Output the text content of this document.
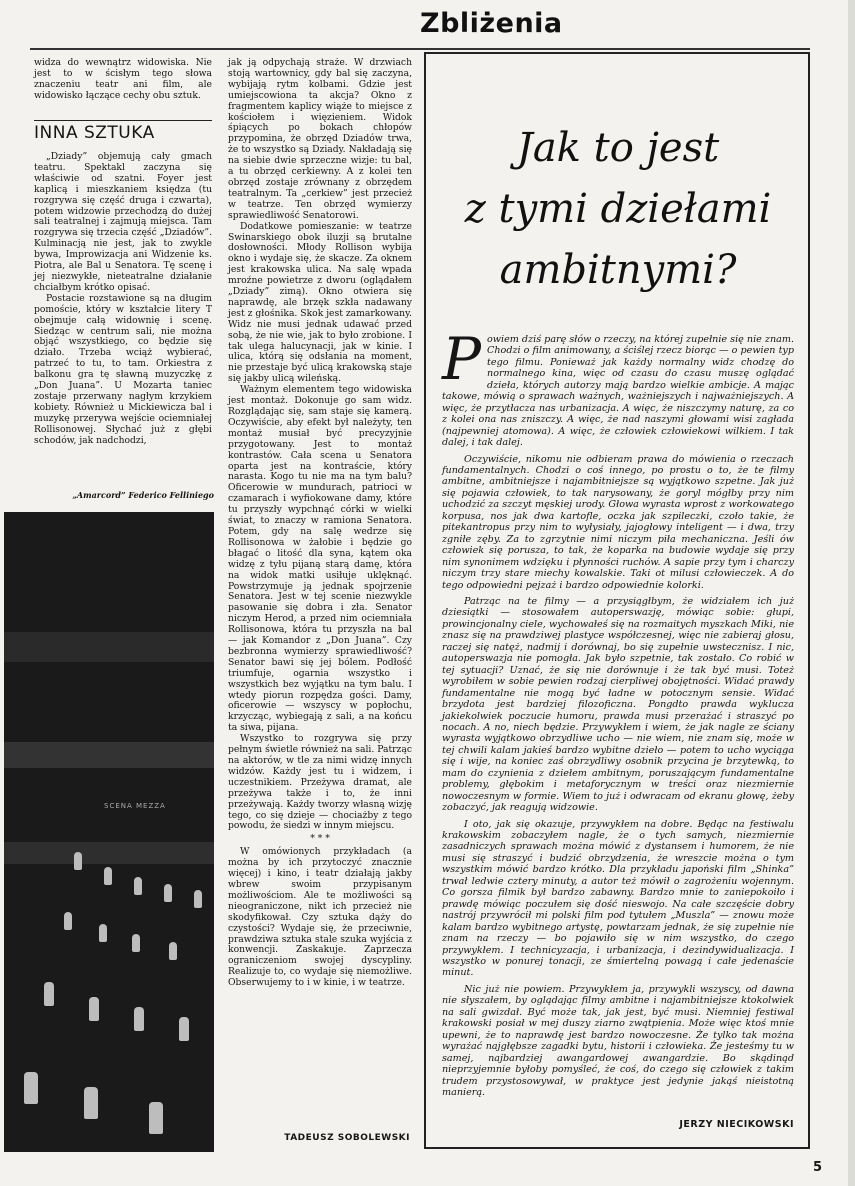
Zbliżenia

widza do wewnątrz widowiska. Nie jest to w ścisłym tego słowa znaczeniu teatr ani film, ale widowisko łączące cechy obu sztuk.

INNA SZTUKA

„Dziady” objemują cały gmach teatru. Spektakl zaczyna się właściwie od szatni. Foyer jest kaplicą i mieszkaniem księdza (tu rozgrywa się część druga i czwarta), potem widzowie przechodzą do dużej sali teatralnej i zajmują miejsca. Tam rozgrywa się trzecia część „Dziadów”. Kulminacją nie jest, jak to zwykle bywa, Improwizacja ani Widzenie ks. Piotra, ale Bal u Senatora. Tę scenę i jej niezwykłe, nieteatralne działanie chciałbym krótko opisać.

Postacie rozstawione są na długim pomoście, który w kształcie litery T obejmuje całą widownię i scenę. Siedząc w centrum sali, nie można objąć wszystkiego, co będzie się działo. Trzeba wciąż wybierać, patrzeć to tu, to tam. Orkiestra z balkonu gra tę sławną muzyczkę z „Don Juana”. U Mozarta taniec zostaje przerwany nagłym krzykiem kobiety. Również u Mickiewicza bal i muzykę przerywa wejście ociemniałej Rollisonowej. Słychać już z głębi schodów, jak nadchodzi,

„Amarcord” Federico Felliniego
SCENA MEZZA

jak ją odpychają straże. W drzwiach stoją wartownicy, gdy bal się zaczyna, wybijają rytm kolbami. Gdzie jest umiejscowiona ta akcja? Okno z fragmentem kaplicy wiąże to miejsce z kościołem i więzieniem. Widok śpiących po bokach chłopów przypomina, że obrzęd Dziadów trwa, że to wszystko są Dziady. Nakładają się na siebie dwie sprzeczne wizje: tu bal, a tu obrzęd cerkiewny. A z kolei ten obrzęd zostaje zrównany z obrzędem teatralnym. Ta „cerkiew” jest przecież w teatrze. Ten obrzęd wymierzy sprawiedliwość Senatorowi.

Dodatkowe pomieszanie: w teatrze Swinarskiego obok iluzji są brutalne dosłowności. Młody Rollison wybija okno i wydaje się, że skacze. Za oknem jest krakowska ulica. Na salę wpada mroźne powietrze z dworu (oglądałem „Dziady” zimą). Okno otwiera się naprawdę, ale brzęk szkła nadawany jest z głośnika. Skok jest zamarkowany. Widz nie musi jednak udawać przed sobą, że nie wie, jak to było zrobione. I tak ulega halucynacji, jak w kinie. I ulica, którą się odsłania na moment, nie przestaje być ulicą krakowską staje się jakby ulicą wileńską.

Ważnym elementem tego widowiska jest montaż. Dokonuje go sam widz. Rozglądając się, sam staje się kamerą. Oczywiście, aby efekt był należyty, ten montaż musiał być precyzyjnie przygotowany. Jest to montaż kontrastów. Cała scena u Senatora oparta jest na kontraście, który narasta. Kogo tu nie ma na tym balu? Oficerowie w mundurach, patrioci w czamarach i wyfiokowane damy, które tu przyszły wypchnąć córki w wielki świat, to znaczy w ramiona Senatora. Potem, gdy na salę wedrze się Rollisonowa w żałobie i będzie go błagać o litość dla syna, kątem oka widzę z tyłu pijaną starą damę, która na widok matki usiłuje uklęknąć. Powstrzymuje ją jednak spojrzenie Senatora. Jest w tej scenie niezwykle pasowanie się dobra i zła. Senator niczym Herod, a przed nim ociemniała Rollisonowa, która tu przyszła na bal — jak Komandor z „Don Juana”. Czy bezbronna wymierzy sprawiedliwość? Senator bawi się jej bólem. Podłość triumfuje, ogarnia wszystko i wszystkich bez wyjątku na tym balu. I wtedy piorun rozpędza gości. Damy, oficerowie — wszyscy w popłochu, krzycząc, wybiegają z sali, a na końcu ta siwa, pijana.

Wszystko to rozgrywa się przy pełnym świetle również na sali. Patrząc na aktorów, w tle za nimi widzę innych widzów. Każdy jest tu i widzem, i uczestnikiem. Przeżywa dramat, ale przeżywa także i to, że inni przeżywają. Każdy tworzy własną wizję tego, co się dzieje — chociażby z tego powodu, że siedzi w innym miejscu.

* * *

W omówionych przykładach (a można by ich przytoczyć znacznie więcej) i kino, i teatr działają jakby wbrew swoim przypisanym możliwościom. Ale te możliwości są nieograniczone, nikt ich przecież nie skodyfikował. Czy sztuka dąży do czystości? Wydaje się, że przeciwnie, prawdziwa sztuka stale szuka wyjścia z konwencji. Zaskakuje. Zaprzecza ograniczeniom swojej dyscypliny. Realizuje to, co wydaje się niemożliwe. Obserwujemy to i w kinie, i w teatrze.

TADEUSZ SOBOLEWSKI
Jak to jest
z tymi dziełami
ambitnymi?

Powiem dziś parę słów o rzeczy, na której zupełnie się nie znam. Chodzi o film animowany, a ściślej rzecz biorąc — o pewien typ tego filmu. Ponieważ jak każdy normalny widz chodzę do normalnego kina, więc od czasu do czasu muszę oglądać dzieła, których autorzy mają bardzo wielkie ambicje. A mając takowe, mówią o sprawach ważnych, ważniejszych i najważniejszych. A więc, że przytłacza nas urbanizacja. A więc, że niszczymy naturę, za co z kolei ona nas zniszczy. A więc, że nad naszymi głowami wisi zagłada (najpewniej atomowa). A więc, że człowiek człowiekowi wilkiem. I tak dalej, i tak dalej.

Oczywiście, nikomu nie odbieram prawa do mówienia o rzeczach fundamentalnych. Chodzi o coś innego, po prostu o to, że te filmy ambitne, ambitniejsze i najambitniejsze są wyjątkowo szpetne. Jak już się pojawia człowiek, to tak narysowany, że goryl mógłby przy nim uchodzić za szczyt męskiej urody. Głowa wyrasta wprost z workowatego korpusa, nos jak dwa kartofle, oczka jak szpileczki, czoło takie, że pitekantropus przy nim to wyłysiały, jajogłowy inteligent — i dwa, trzy zgniłe zęby. Za to zgrzytnie nimi niczym piła mechaniczna. Jeśli ów człowiek się porusza, to tak, że koparka na budowie wydaje się przy nim synonimem wdzięku i płynności ruchów. A sapie przy tym i charczy niczym trzy stare miechy kowalskie. Taki ot milusi człowieczek. A do tego odpowiedni pejzaż i bardzo odpowiednie kolorki.

Patrząc na te filmy — a przysiągłbym, że widziałem ich już dziesiątki — stosowałem autoperswazję, mówiąc sobie: głupi, prowincjonalny ciele, wychowałeś się na rozmaitych myszkach Miki, nie znasz się na prawdziwej plastyce współczesnej, więc nie zabieraj głosu, raczej się natęż, nadmij i dorównaj, bo się zupełnie uwstecznisz. I nic, autoperswazja nie pomogła. Jak było szpetnie, tak zostało. Co robić w tej sytuacji? Uznać, że się nie dorównuje i że tak być musi. Toteż wyrobiłem w sobie pewien rodzaj cierpliwej obojętności. Widać prawdy fundamentalne nie mogą być ładne w potocznym sensie. Widać brzydota jest bardziej filozoficzna. Pongdto prawda wyklucza jakiekolwiek poczucie humoru, prawda musi przerażać i straszyć po nocach. A no, niech będzie. Przywykłem i wiem, że jak nagle ze ściany wyrasta wyjątkowo obrzydliwe ucho — nie wiem, nie znam się, może w tej chwili kalam jakieś bardzo wybitne dzieło — potem to ucho wyciąga się i wije, na koniec zaś obrzydliwy osobnik przycina je brzytewką, to mam do czynienia z dziełem ambitnym, poruszającym fundamentalne problemy, głębokim i metaforycznym w treści oraz niezmiernie nowoczesnym w formie. Wiem to już i odwracam od ekranu głowę, żeby zobaczyć, jak reagują widzowie.

I oto, jak się okazuje, przywykłem na dobre. Będąc na festiwalu krakowskim zobaczyłem nagle, że o tych samych, niezmiernie zasadniczych sprawach można mówić z dystansem i humorem, że nie musi się straszyć i budzić obrzydzenia, że wreszcie można o tym wszystkim mówić bardzo krótko. Dla przykładu japoński film „Shinka” trwał ledwie cztery minuty, a autor też mówił o zagrożeniu wojennym. Co gorsza filmik był bardzo zabawny. Bardzo mnie to zaniepokoiło i prawdę mówiąc poczułem się dość nieswojo. Na całe szczęście dobry nastrój przywrócił mi polski film pod tytułem „Muszla” — znowu może kalam bardzo wybitnego artystę, powtarzam jednak, że się zupełnie nie znam na rzeczy — bo pojawiło się w nim wszystko, do czego przywykłem. I technicyzacja, i urbanizacja, i dezindywidualizacja. I wszystko w ponurej tonacji, ze śmiertelną powagą i całe jedenaście minut.

Nic już nie powiem. Przywykłem ja, przywykli wszyscy, od dawna nie słyszałem, by oglądając filmy ambitne i najambitniejsze ktokolwiek na sali gwizdał. Być może tak, jak jest, być musi. Niemniej festiwal krakowski posiał w mej duszy ziarno zwątpienia. Może więc ktoś mnie upewni, że to naprawdę jest bardzo nowoczesne. Że tylko tak można wyrażać najgłębsze zagadki bytu, historii i człowieka. Że jesteśmy tu w samej, najbardziej awangardowej awangardzie. Bo skądinąd nieprzyjemnie byłoby pomyśleć, że coś, do czego się człowiek z takim trudem przystosowywał, w praktyce jest jedynie jakąś nieistotną manierą.

JERZY NIECIKOWSKI
5
